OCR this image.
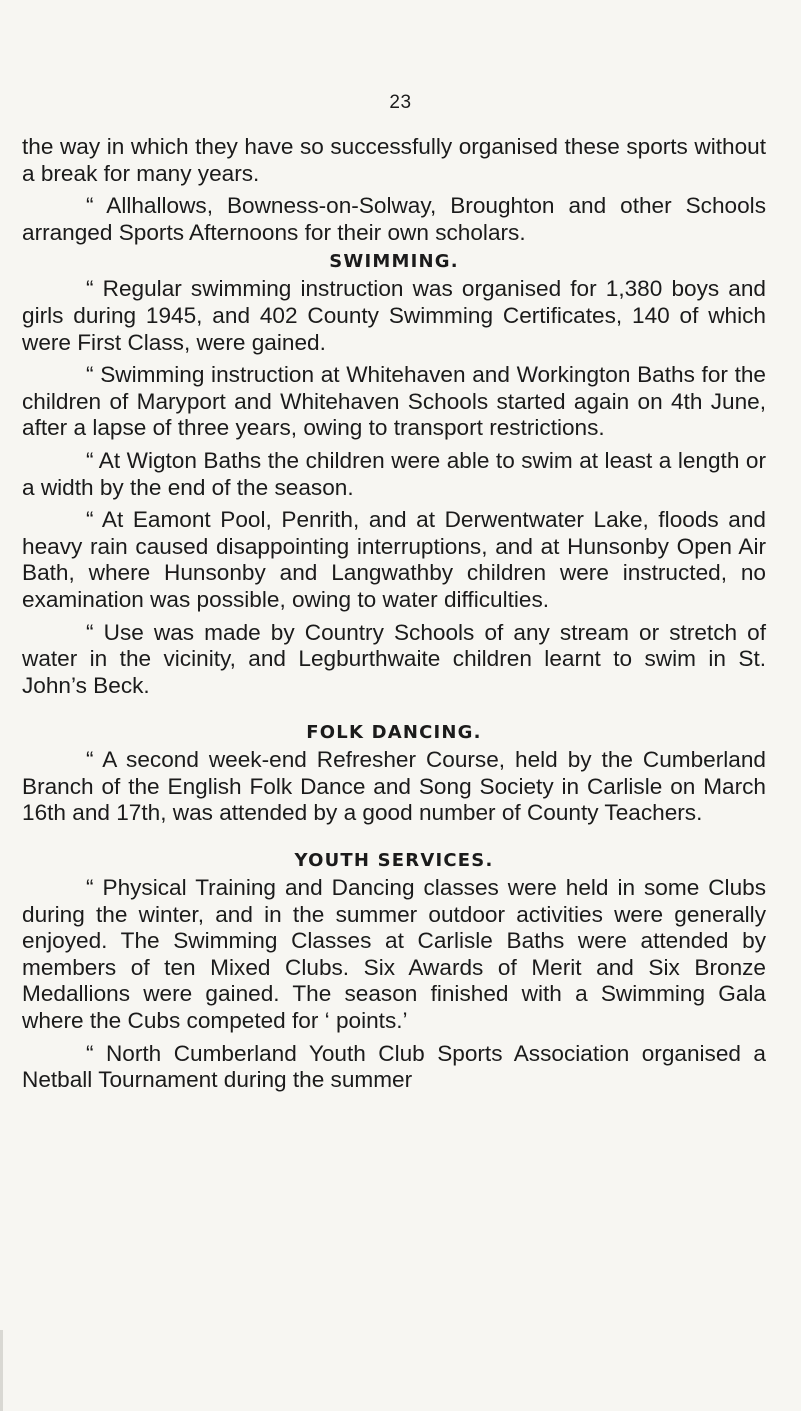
23

the way in which they have so successfully organised these sports without a break for many years.

“ Allhallows, Bowness-on-Solway, Broughton and other Schools arranged Sports Afternoons for their own scholars.

SWIMMING.

“ Regular swimming instruction was organised for 1,380 boys and girls during 1945, and 402 County Swimming Certificates, 140 of which were First Class, were gained.

“ Swimming instruction at Whitehaven and Workington Baths for the children of Maryport and Whitehaven Schools started again on 4th June, after a lapse of three years, owing to transport restrictions.

“ At Wigton Baths the children were able to swim at least a length or a width by the end of the season.

“ At Eamont Pool, Penrith, and at Derwentwater Lake, floods and heavy rain caused disappointing interruptions, and at Hunsonby Open Air Bath, where Hunsonby and Langwathby children were instructed, no examination was possible, owing to water difficulties.

“ Use was made by Country Schools of any stream or stretch of water in the vicinity, and Legburthwaite children learnt to swim in St. John’s Beck.

FOLK DANCING.

“ A second week-end Refresher Course, held by the Cumberland Branch of the English Folk Dance and Song Society in Carlisle on March 16th and 17th, was attended by a good number of County Teachers.

YOUTH SERVICES.

“ Physical Training and Dancing classes were held in some Clubs during the winter, and in the summer outdoor activities were generally enjoyed. The Swimming Classes at Carlisle Baths were attended by members of ten Mixed Clubs. Six Awards of Merit and Six Bronze Medallions were gained. The season finished with a Swimming Gala where the Cubs competed for ‘ points.’

“ North Cumberland Youth Club Sports Association organised a Netball Tournament during the summer
